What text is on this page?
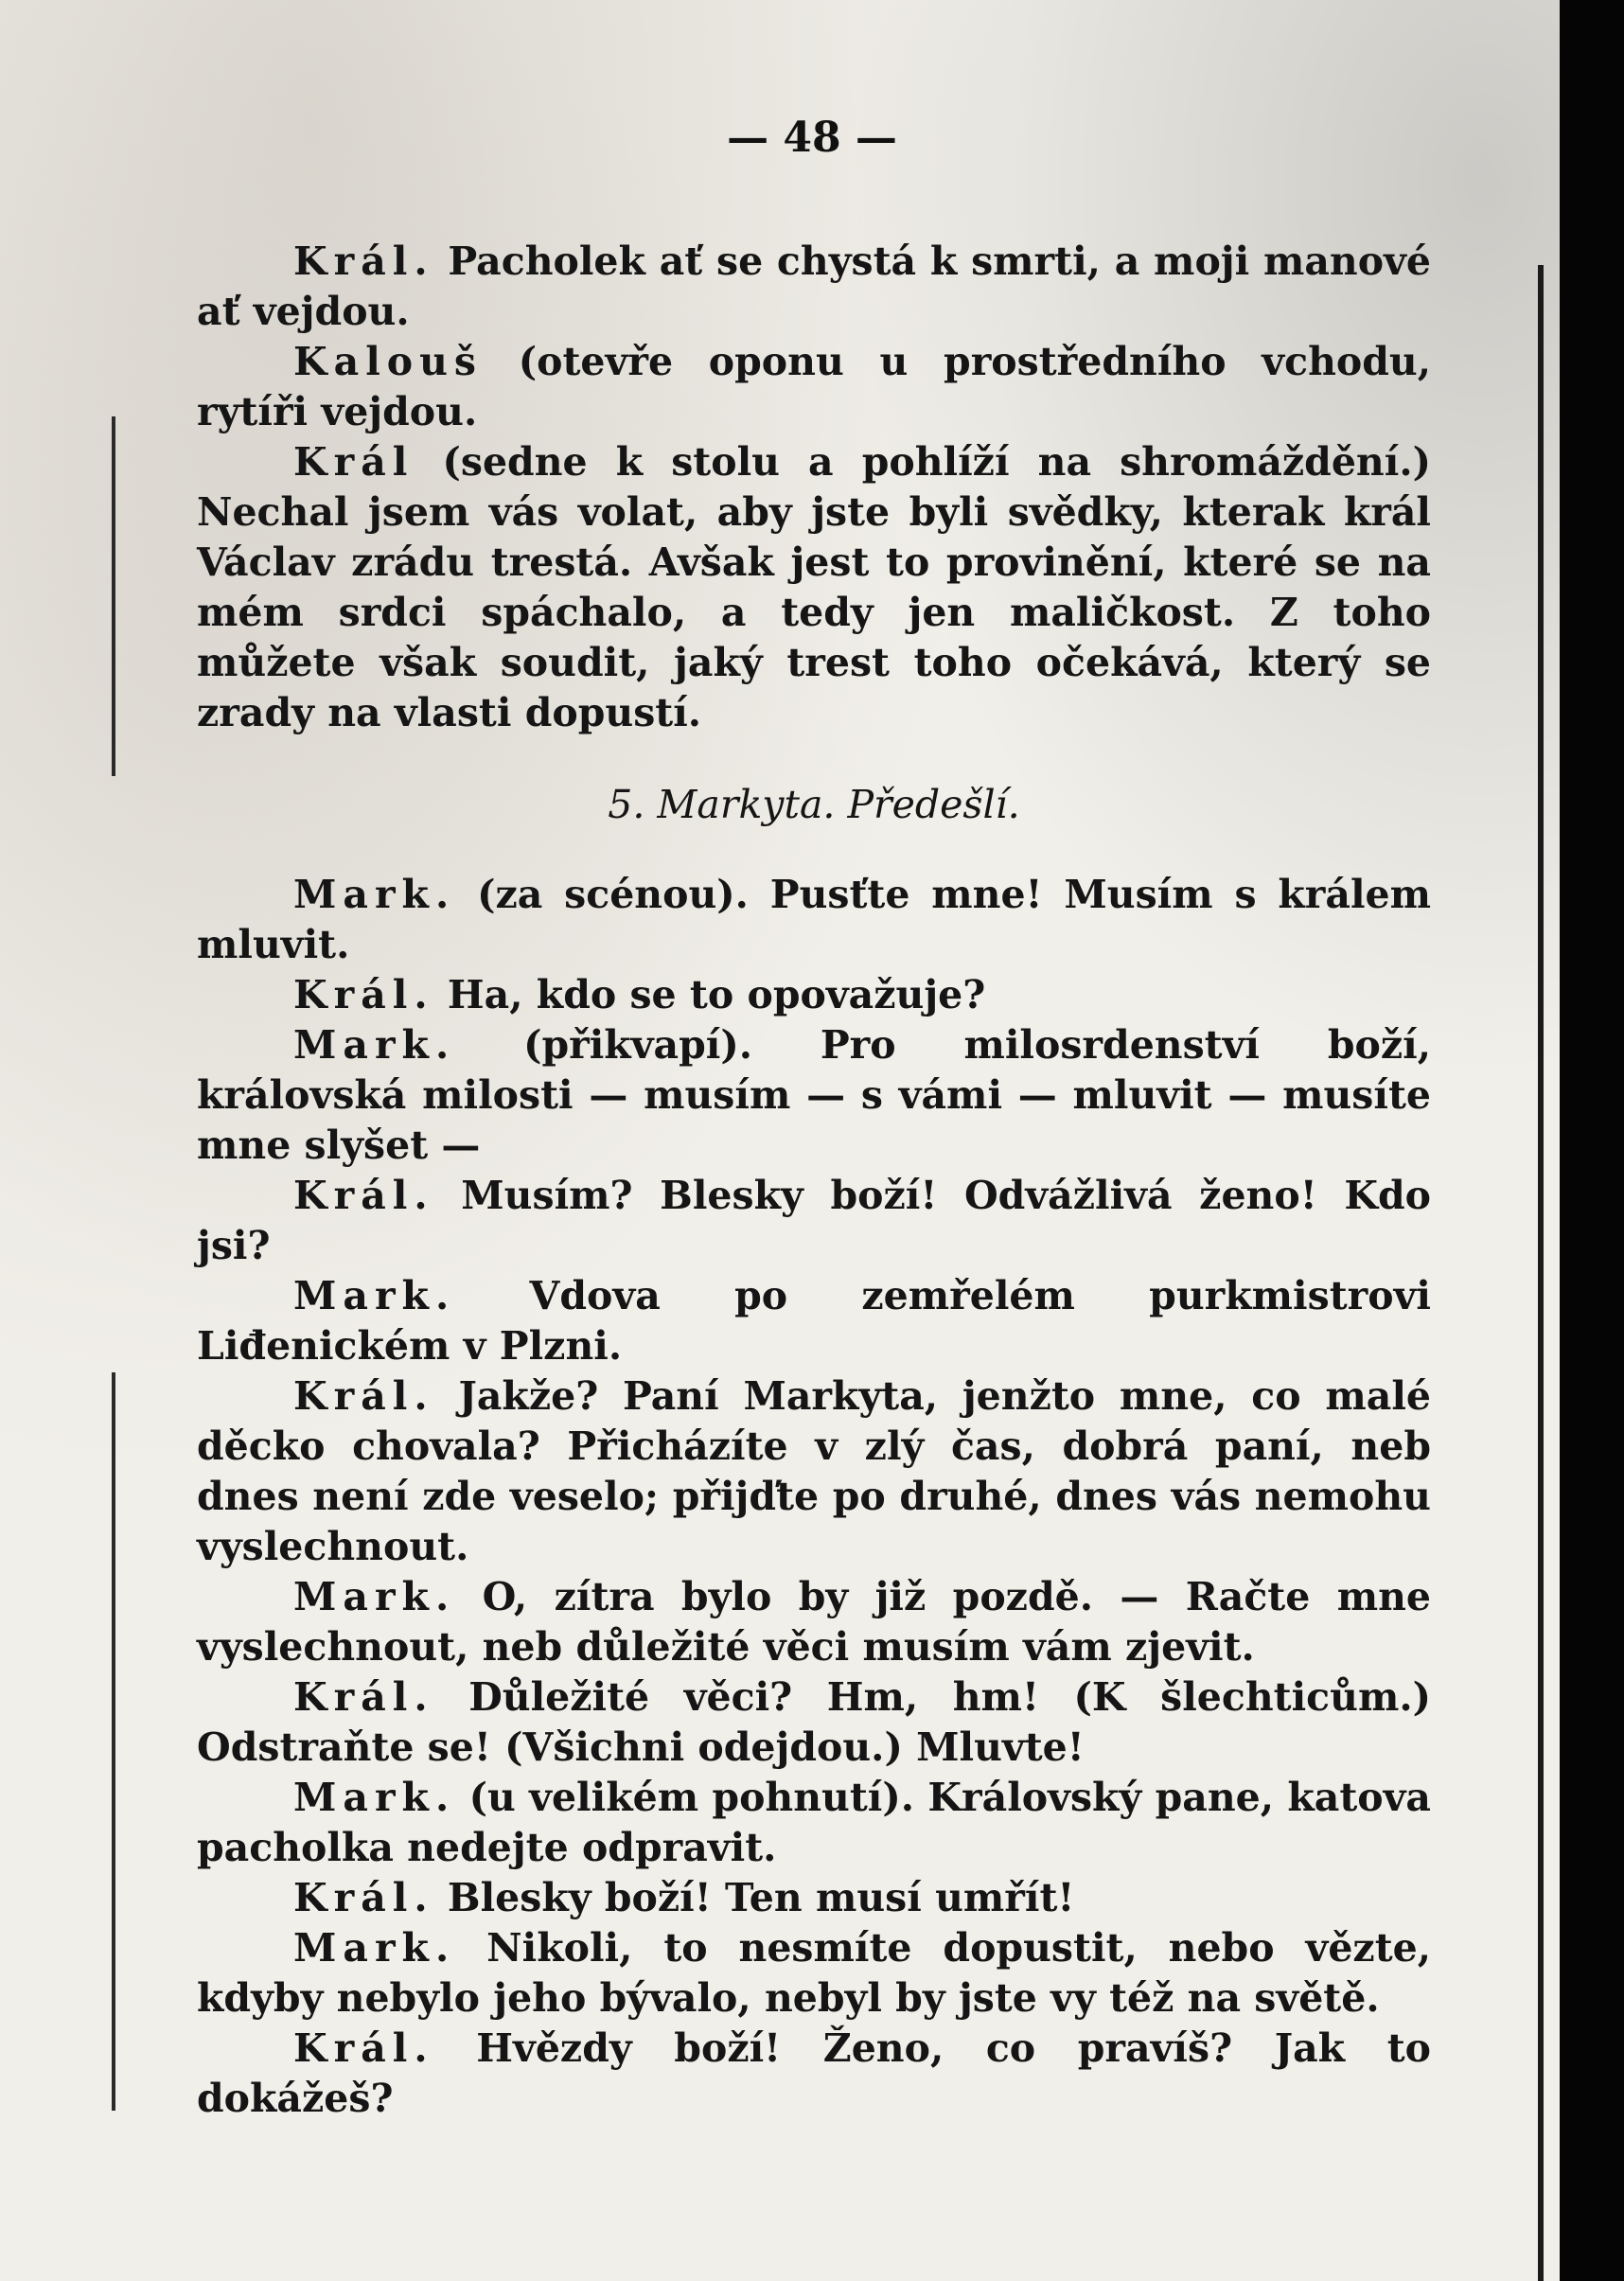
— 48 —

Král. Pacholek ať se chystá k smrti, a moji manové ať vejdou.

Kalouš (otevře oponu u prostředního vchodu, rytíři vejdou.

Král (sedne k stolu a pohlíží na shromáždění.) Nechal jsem vás volat, aby jste byli svědky, kterak král Václav zrádu trestá. Avšak jest to provinění, které se na mém srdci spáchalo, a tedy jen maličkost. Z toho můžete však soudit, jaký trest toho očekává, který se zrady na vlasti dopustí.

5. Markyta. Předešlí.

Mark. (za scénou). Pusťte mne! Musím s králem mluvit.

Král. Ha, kdo se to opovažuje?

Mark. (přikvapí). Pro milosrdenství boží, královská milosti — musím — s vámi — mluvit — musíte mne slyšet —

Král. Musím? Blesky boží! Odvážlivá ženo! Kdo jsi?

Mark. Vdova po zemřelém purkmistrovi Liđenickém v Plzni.

Král. Jakže? Paní Markyta, jenžto mne, co malé děcko chovala? Přicházíte v zlý čas, dobrá paní, neb dnes není zde veselo; přijďte po druhé, dnes vás nemohu vyslechnout.

Mark. O, zítra bylo by již pozdě. — Račte mne vyslechnout, neb důležité věci musím vám zjevit.

Král. Důležité věci? Hm, hm! (K šlechticům.) Odstraňte se! (Všichni odejdou.) Mluvte!

Mark. (u velikém pohnutí). Královský pane, katova pacholka nedejte odpravit.

Král. Blesky boží! Ten musí umřít!

Mark. Nikoli, to nesmíte dopustit, nebo vězte, kdyby nebylo jeho bývalo, nebyl by jste vy též na světě.

Král. Hvězdy boží! Ženo, co pravíš? Jak to dokážeš?
